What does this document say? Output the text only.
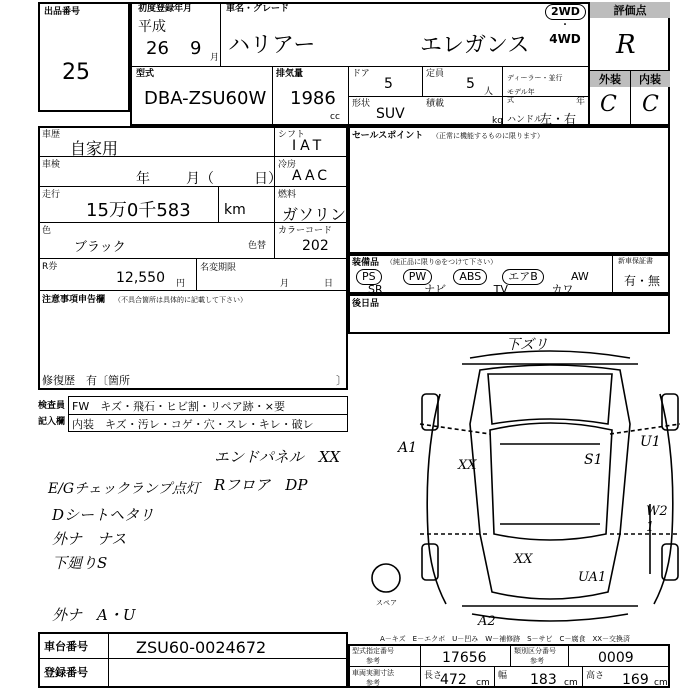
出品番号
25
初度登録年月
平成
26 9 月
車名・グレード
ハリアー	エレガンス
2WD
・
4WD
評価点
R
外装	内装
C C
型式
DBA-ZSU60W
排気量
1986
cc
ドア
5
定員
5 人
ディーラー・並行
モデル年式	年
形状
SUV
積載
kg ハンドル
左・右
車歴
自家用
シフト
IAT
車検
年	月（	日）
冷房
AAC
走行
15万0千583 km
燃料
ガソリン
色
ブラック	色替
カラーコード
202
R券
12,550 円
名変期限
月	日
注意事項申告欄 （不具合箇所は具体的に記載して下さい）
修復歴　有〔箇所	〕
セールスポイント （正常に機能するものに限ります）
装備品 （純正品に限り◎をつけて下さい）	新車保証書
有・無
PS	PW	ABS エアB	AW
SR	ナビ	TV	カワ
後日品
検査員
記入欄
FW　キズ・飛石・ヒビ割・リペア跡・×要
内装　キズ・汚レ・コゲ・穴・スレ・キレ・破レ
エンドパネル　XX
Rフロア　DP
E/Gチェックランプ点灯
Dシートヘタリ
外ナ　ナス
下廻りS
外ナ　A・U
下ズリ
A1
S1
U1
XX
XX
A2
UA1
W2 1
スペア
A－キズ　E－エクボ　U－凹み　W－補修跡　S－サビ　C－腐食　XX－交換済
車台番号	ZSU60-0024672
登録番号
型式指定番号
参考	17656	類別区分番号
参考	0009
車両実測寸法
参考
長さ
472 cm
幅 183 cm
高さ 169 cm
